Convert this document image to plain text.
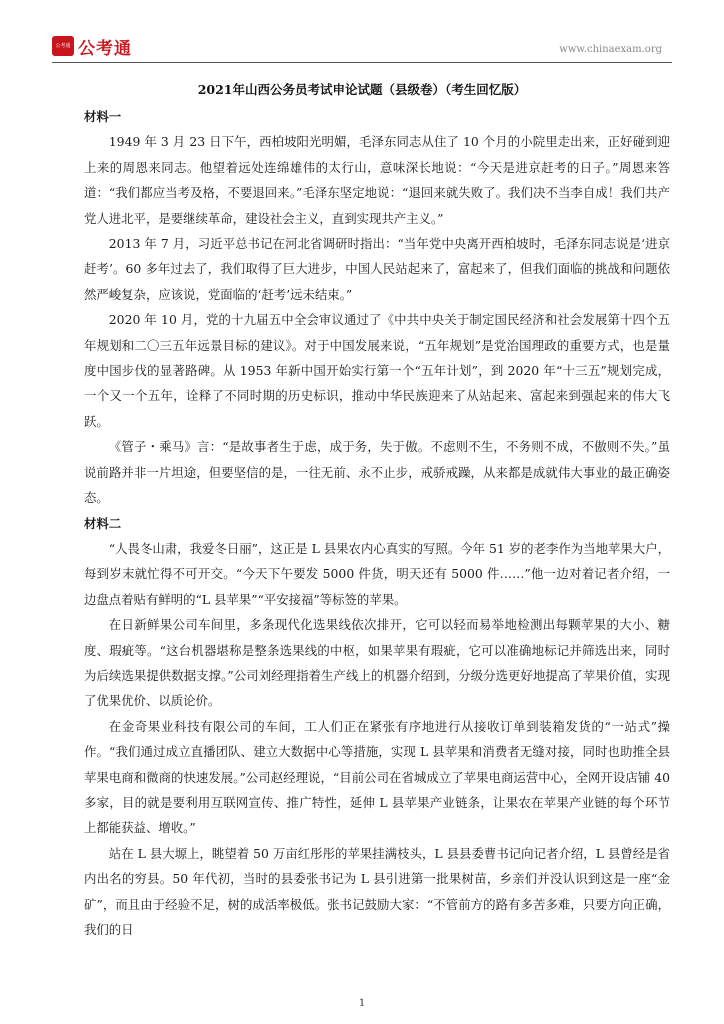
公考通 公考通	www.chinaexam.org
2021年山西公务员考试申论试题（县级卷）（考生回忆版）

材料一

1949 年 3 月 23 日下午，西柏坡阳光明媚，毛泽东同志从住了 10 个月的小院里走出来，正好碰到迎上来的周恩来同志。他望着远处连绵雄伟的太行山，意味深长地说：“今天是进京赶考的日子。”周恩来答道：“我们都应当考及格，不要退回来。”毛泽东坚定地说：“退回来就失败了。我们决不当李自成！我们共产党人进北平，是要继续革命，建设社会主义，直到实现共产主义。”

2013 年 7 月，习近平总书记在河北省调研时指出：“当年党中央离开西柏坡时，毛泽东同志说是‘进京赶考’。60 多年过去了，我们取得了巨大进步，中国人民站起来了，富起来了，但我们面临的挑战和问题依然严峻复杂，应该说，党面临的‘赶考’远未结束。”

2020 年 10 月，党的十九届五中全会审议通过了《中共中央关于制定国民经济和社会发展第十四个五年规划和二〇三五年远景目标的建议》。对于中国发展来说，“五年规划”是党治国理政的重要方式，也是量度中国步伐的显著路碑。从 1953 年新中国开始实行第一个“五年计划”，到 2020 年“十三五”规划完成，一个又一个五年，诠释了不同时期的历史标识，推动中华民族迎来了从站起来、富起来到强起来的伟大飞跃。

《管子・乘马》言：“是故事者生于虑，成于务，失于傲。不虑则不生，不务则不成，不傲则不失。”虽说前路并非一片坦途，但要坚信的是，一往无前、永不止步，戒骄戒躁，从来都是成就伟大事业的最正确姿态。

材料二

“人畏冬山肃，我爱冬日丽”，这正是 L 县果农内心真实的写照。今年 51 岁的老李作为当地苹果大户，每到岁末就忙得不可开交。“今天下午要发 5000 件货，明天还有 5000 件……”他一边对着记者介绍，一边盘点着贴有鲜明的“L 县苹果”“平安接福”等标签的苹果。

在日新鲜果公司车间里，多条现代化选果线依次排开，它可以轻而易举地检测出每颗苹果的大小、糖度、瑕疵等。“这台机器堪称是整条选果线的中枢，如果苹果有瑕疵，它可以准确地标记并筛选出来，同时为后续选果提供数据支撑。”公司刘经理指着生产线上的机器介绍到，分级分选更好地提高了苹果价值，实现了优果优价、以质论价。

在金奇果业科技有限公司的车间，工人们正在紧张有序地进行从接收订单到装箱发货的“一站式”操作。“我们通过成立直播团队、建立大数据中心等措施，实现 L 县苹果和消费者无缝对接，同时也助推全县苹果电商和微商的快速发展。”公司赵经理说，“目前公司在省城成立了苹果电商运营中心，全网开设店铺 40 多家，目的就是要利用互联网宣传、推广特性，延伸 L 县苹果产业链条，让果农在苹果产业链的每个环节上都能获益、增收。”

站在 L 县大塬上，眺望着 50 万亩红彤彤的苹果挂满枝头，L 县县委曹书记向记者介绍，L 县曾经是省内出名的穷县。50 年代初，当时的县委张书记为 L 县引进第一批果树苗，乡亲们并没认识到这是一座“金矿”，而且由于经验不足，树的成活率极低。张书记鼓励大家：“不管前方的路有多苦多难，只要方向正确，我们的日

1
